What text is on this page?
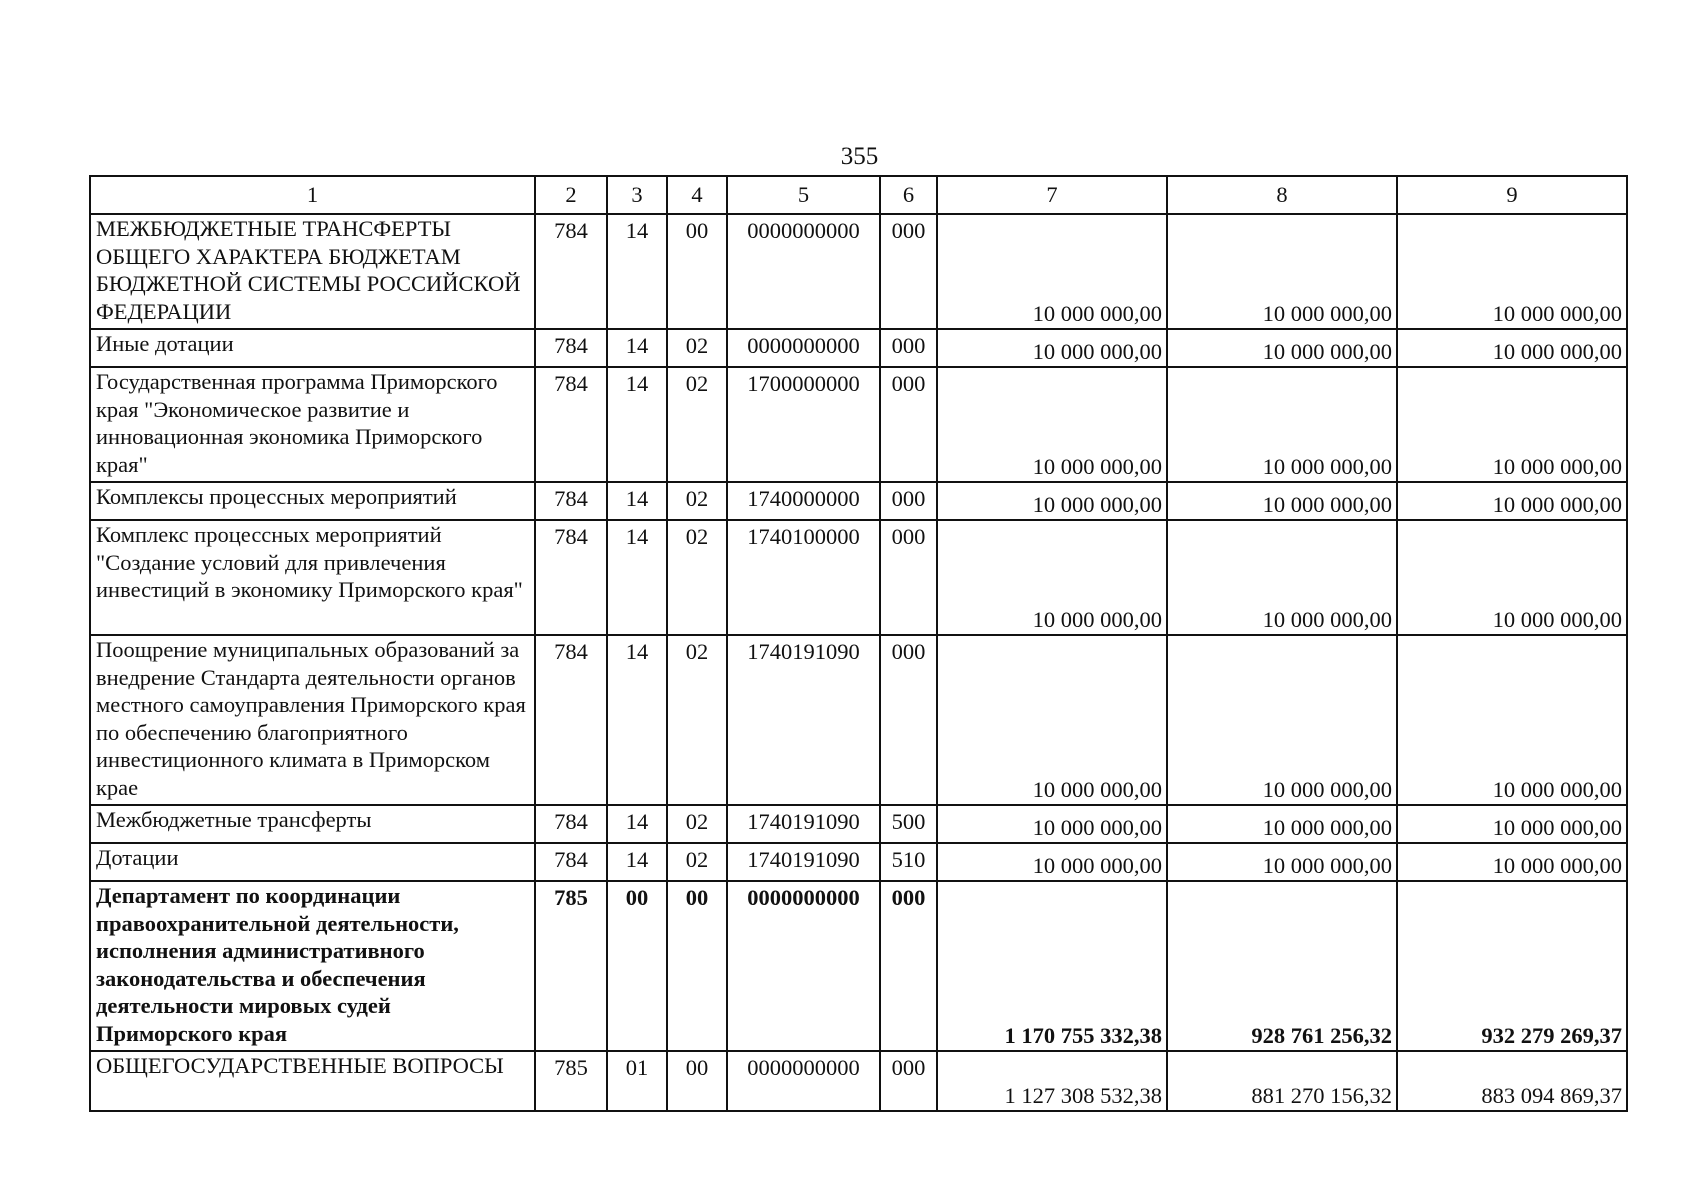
355
1	2	3	4	5	6	7	8	9
МЕЖБЮДЖЕТНЫЕ ТРАНСФЕРТЫ ОБЩЕГО ХАРАКТЕРА БЮДЖЕТАМ БЮДЖЕТНОЙ СИСТЕМЫ РОССИЙСКОЙ ФЕДЕРАЦИИ	784	14	00	0000000000	000	10 000 000,00	10 000 000,00	10 000 000,00
Иные дотации	784	14	02	0000000000	000	10 000 000,00	10 000 000,00	10 000 000,00
Государственная программа Приморского края "Экономическое развитие и инновационная экономика Приморского края"	784	14	02	1700000000	000	10 000 000,00	10 000 000,00	10 000 000,00
Комплексы процессных мероприятий	784	14	02	1740000000	000	10 000 000,00	10 000 000,00	10 000 000,00
Комплекс процессных мероприятий "Создание условий для привлечения инвестиций в экономику Приморского края"	784	14	02	1740100000	000	10 000 000,00	10 000 000,00	10 000 000,00
Поощрение муниципальных образований за внедрение Стандарта деятельности органов местного самоуправления Приморского края по обеспечению благоприятного инвестиционного климата в Приморском крае	784	14	02	1740191090	000	10 000 000,00	10 000 000,00	10 000 000,00
Межбюджетные трансферты	784	14	02	1740191090	500	10 000 000,00	10 000 000,00	10 000 000,00
Дотации	784	14	02	1740191090	510	10 000 000,00	10 000 000,00	10 000 000,00
Департамент по координации правоохранительной деятельности, исполнения административного законодательства и обеспечения деятельности мировых судей Приморского края	785	00	00	0000000000	000	1 170 755 332,38	928 761 256,32	932 279 269,37
ОБЩЕГОСУДАРСТВЕННЫЕ ВОПРОСЫ	785	01	00	0000000000	000	1 127 308 532,38	881 270 156,32	883 094 869,37
